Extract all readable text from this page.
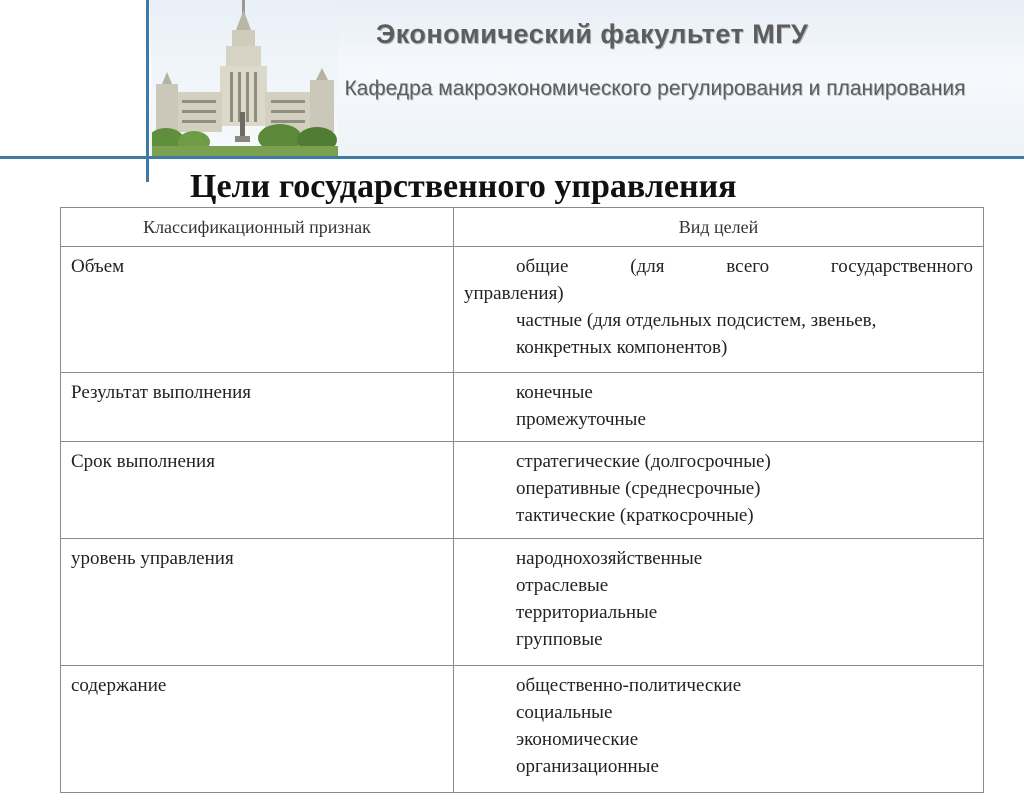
Экономический факультет МГУ
Кафедра макроэкономического регулирования и планирования
Цели государственного управления
Классификационный признак	Вид целей
Объем	общие (для всего государственного
управления)
частные (для отдельных подсистем, звеньев,
конкретных компонентов)

Результат выполнения	конечные
промежуточные

Срок выполнения	стратегические (долгосрочные)
оперативные (среднесрочные)
тактические (краткосрочные)

уровень управления	народнохозяйственные
отраслевые
территориальные
групповые

содержание	общественно-политические
социальные
экономические
организационные
